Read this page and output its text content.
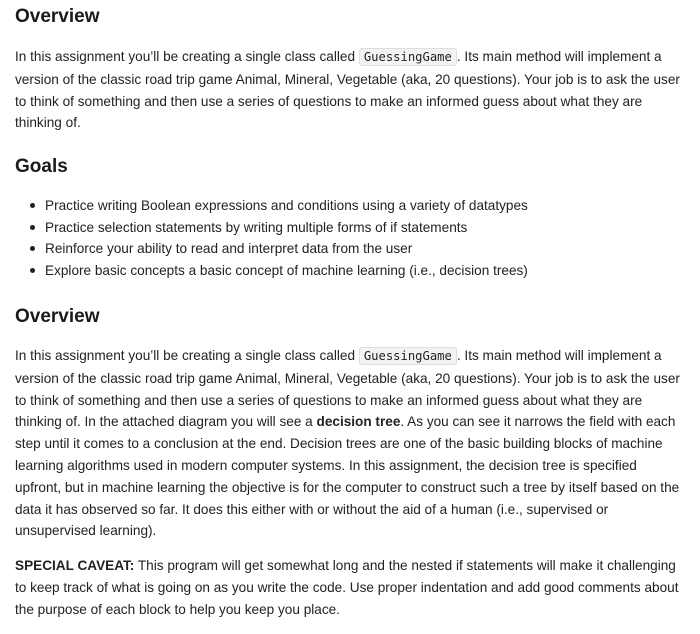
Overview

In this assignment you’ll be creating a single class called GuessingGame . Its main method will implement a
version of the classic road trip game Animal, Mineral, Vegetable (aka, 20 questions). Your job is to ask the user
to think of something and then use a series of questions to make an informed guess about what they are
thinking of.

Goals
Practice writing Boolean expressions and conditions using a variety of datatypes
Practice selection statements by writing multiple forms of if statements
Reinforce your ability to read and interpret data from the user
Explore basic concepts a basic concept of machine learning (i.e., decision trees)
Overview

In this assignment you’ll be creating a single class called GuessingGame . Its main method will implement a
version of the classic road trip game Animal, Mineral, Vegetable (aka, 20 questions). Your job is to ask the user
to think of something and then use a series of questions to make an informed guess about what they are
thinking of. In the attached diagram you will see a decision tree. As you can see it narrows the field with each
step until it comes to a conclusion at the end. Decision trees are one of the basic building blocks of machine
learning algorithms used in modern computer systems. In this assignment, the decision tree is specified
upfront, but in machine learning the objective is for the computer to construct such a tree by itself based on the
data it has observed so far. It does this either with or without the aid of a human (i.e., supervised or
unsupervised learning).

SPECIAL CAVEAT: This program will get somewhat long and the nested if statements will make it challenging
to keep track of what is going on as you write the code. Use proper indentation and add good comments about
the purpose of each block to help you keep you place.
